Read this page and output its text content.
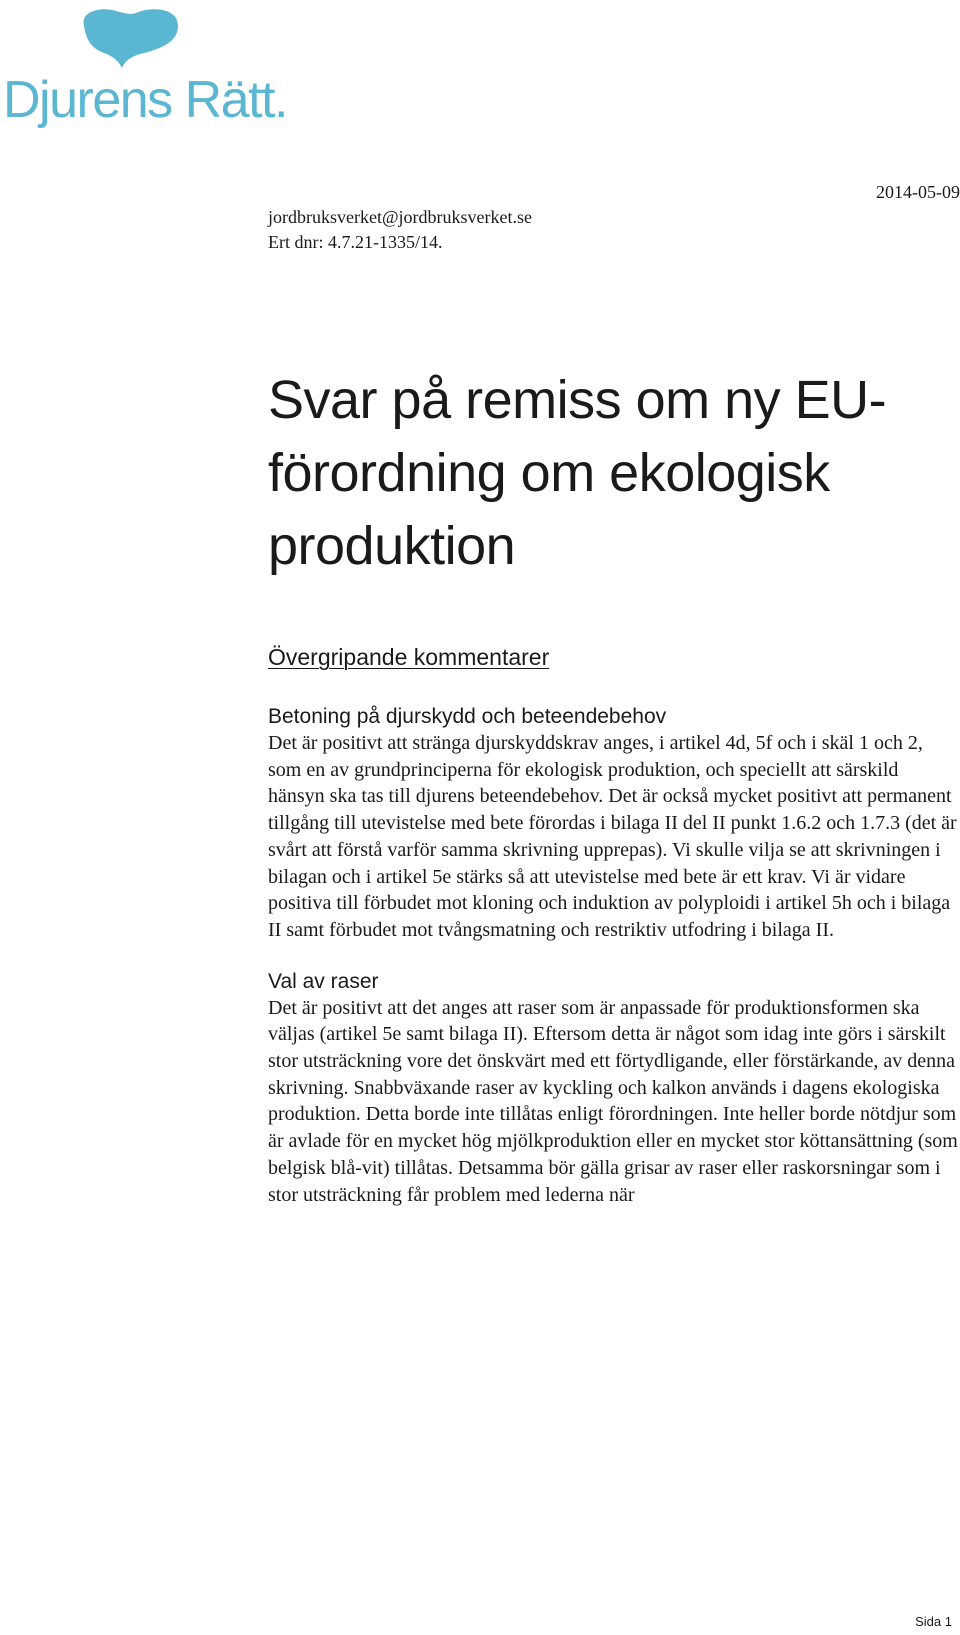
Djurens Rätt.
2014-05-09
jordbruksverket@jordbruksverket.se
Ert dnr: 4.7.21-1335/14.
Svar på remiss om ny EU-
förordning om ekologisk
produktion
Övergripande kommentarer
Betoning på djurskydd och beteendebehov

Det är positivt att stränga djurskyddskrav anges, i artikel 4d, 5f och i skäl 1 och 2, som en av grundprinciperna för ekologisk produktion, och speciellt att särskild hänsyn ska tas till djurens beteendebehov. Det är också mycket positivt att permanent tillgång till utevistelse med bete förordas i bilaga II del II punkt 1.6.2 och 1.7.3 (det är svårt att förstå varför samma skrivning upprepas). Vi skulle vilja se att skrivningen i bilagan och i artikel 5e stärks så att utevistelse med bete är ett krav. Vi är vidare positiva till förbudet mot kloning och induktion av polyploidi i artikel 5h och i bilaga II samt förbudet mot tvångsmatning och restriktiv utfodring i bilaga II.

Val av raser

Det är positivt att det anges att raser som är anpassade för produktionsformen ska väljas (artikel 5e samt bilaga II). Eftersom detta är något som idag inte görs i särskilt stor utsträckning vore det önskvärt med ett förtydligande, eller förstärkande, av denna skrivning. Snabbväxande raser av kyckling och kalkon används i dagens ekologiska produktion. Detta borde inte tillåtas enligt förordningen. Inte heller borde nötdjur som är avlade för en mycket hög mjölkproduktion eller en mycket stor köttansättning (som belgisk blå-vit) tillåtas. Detsamma bör gälla grisar av raser eller raskorsningar som i stor utsträckning får problem med lederna när

Sida 1
